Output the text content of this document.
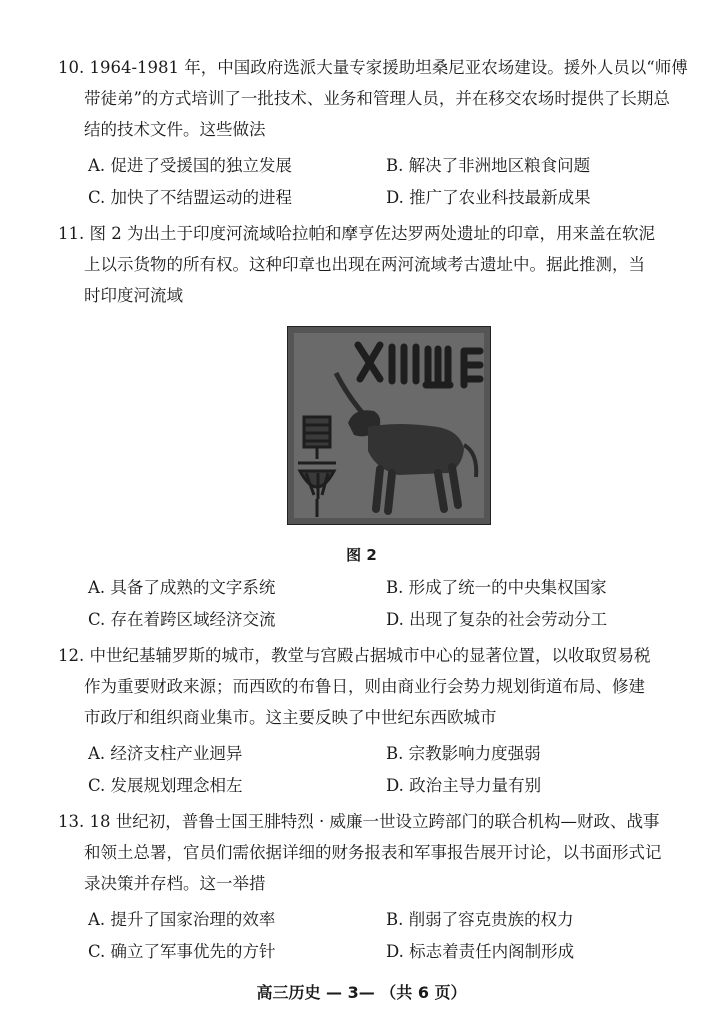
10. 1964-1981 年，中国政府选派大量专家援助坦桑尼亚农场建设。援外人员以“师傅

带徒弟”的方式培训了一批技术、业务和管理人员，并在移交农场时提供了长期总

结的技术文件。这些做法

A. 促进了受援国的独立发展	B. 解决了非洲地区粮食问题
C. 加快了不结盟运动的进程	D. 推广了农业科技最新成果

11. 图 2 为出土于印度河流域哈拉帕和摩亨佐达罗两处遗址的印章，用来盖在软泥

上以示货物的所有权。这种印章也出现在两河流域考古遗址中。据此推测，当

时印度河流域

图 2
A. 具备了成熟的文字系统	B. 形成了统一的中央集权国家
C. 存在着跨区域经济交流	D. 出现了复杂的社会劳动分工

12. 中世纪基辅罗斯的城市，教堂与宫殿占据城市中心的显著位置，以收取贸易税

作为重要财政来源；而西欧的布鲁日，则由商业行会势力规划街道布局、修建

市政厅和组织商业集市。这主要反映了中世纪东西欧城市

A. 经济支柱产业迥异	B. 宗教影响力度强弱
C. 发展规划理念相左	D. 政治主导力量有别

13. 18 世纪初，普鲁士国王腓特烈 · 威廉一世设立跨部门的联合机构—财政、战事

和领土总署，官员们需依据详细的财务报表和军事报告展开讨论，以书面形式记

录决策并存档。这一举措

A. 提升了国家治理的效率	B. 削弱了容克贵族的权力
C. 确立了军事优先的方针	D. 标志着责任内阁制形成
高三历史 — 3— （共 6 页）
